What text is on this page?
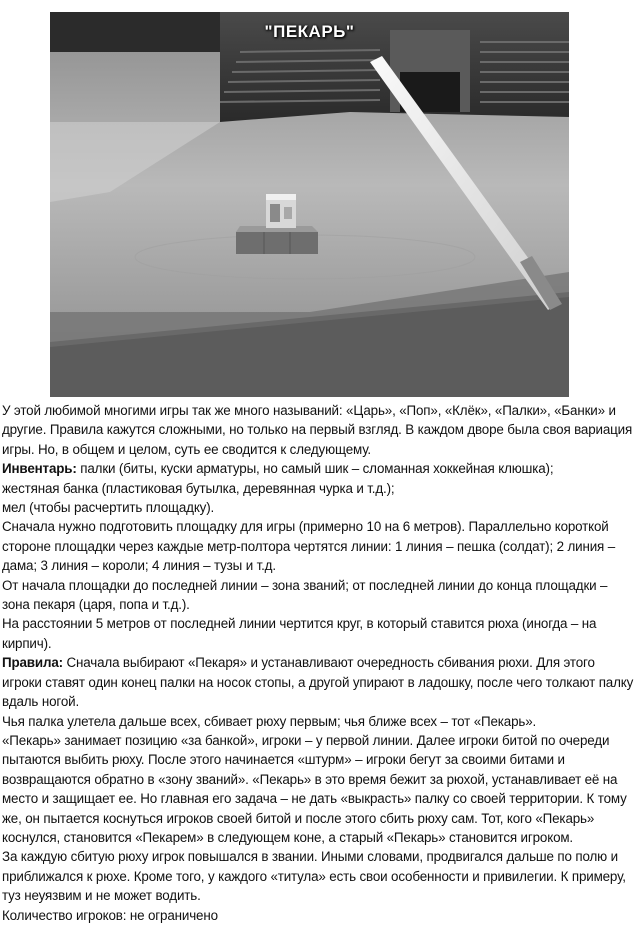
"ПЕКАРЬ"

У этой любимой многими игры так же много называний: «Царь», «Поп», «Клёк», «Палки», «Банки» и другие. Правила кажутся сложными, но только на первый взгляд. В каждом дворе была своя вариация игры. Но, в общем и целом, суть ее сводится к следующему.

Инвентарь: палки (биты, куски арматуры, но самый шик – сломанная хоккейная клюшка);

жестяная банка (пластиковая бутылка, деревянная чурка и т.д.);

мел (чтобы расчертить площадку).

Сначала нужно подготовить площадку для игры (примерно 10 на 6 метров). Параллельно короткой стороне площадки через каждые метр-полтора чертятся линии: 1 линия – пешка (солдат); 2 линия – дама; 3 линия – короли; 4 линия – тузы и т.д.

От начала площадки до последней линии – зона званий; от последней линии до конца площадки – зона пекаря (царя, попа и т.д.).

На расстоянии 5 метров от последней линии чертится круг, в который ставится рюха (иногда – на кирпич).

Правила: Сначала выбирают «Пекаря» и устанавливают очередность сбивания рюхи. Для этого игроки ставят один конец палки на носок стопы, а другой упирают в ладошку, после чего толкают палку вдаль ногой.

Чья палка улетела дальше всех, сбивает рюху первым; чья ближе всех – тот «Пекарь».

«Пекарь» занимает позицию «за банкой», игроки – у первой линии. Далее игроки битой по очереди пытаются выбить рюху. После этого начинается «штурм» – игроки бегут за своими битами и возвращаются обратно в «зону званий». «Пекарь» в это время бежит за рюхой, устанавливает её на место и защищает ее. Но главная его задача – не дать «выкрасть» палку со своей территории. К тому же, он пытается коснуться игроков своей битой и после этого сбить рюху сам. Тот, кого «Пекарь» коснулся, становится «Пекарем» в следующем коне, а старый «Пекарь» становится игроком.

За каждую сбитую рюху игрок повышался в звании. Иными словами, продвигался дальше по полю и приближался к рюхе. Кроме того, у каждого «титула» есть свои особенности и привилегии. К примеру, туз неуязвим и не может водить.

Количество игроков: не ограничено
